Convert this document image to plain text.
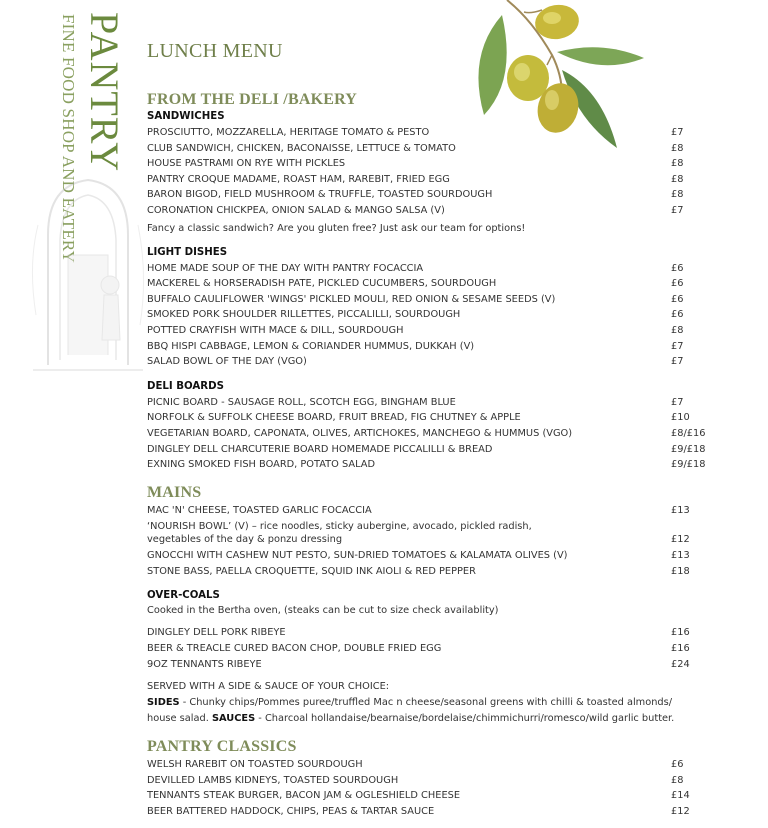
FINE FOOD SHOP AND EATERY PANTRY LUNCH MENU
FROM THE DELI /BAKERY
SANDWICHES
PROSCIUTTO, MOZZARELLA, HERITAGE TOMATO & PESTO	£7
CLUB SANDWICH, CHICKEN, BACONAISSE, LETTUCE & TOMATO	£8
HOUSE PASTRAMI ON RYE WITH PICKLES	£8
PANTRY CROQUE MADAME, ROAST HAM, RAREBIT, FRIED EGG	£8
BARON BIGOD, FIELD MUSHROOM & TRUFFLE, TOASTED SOURDOUGH	£8
CORONATION CHICKPEA, ONION SALAD & MANGO SALSA (V)	£7

Fancy a classic sandwich? Are you gluten free? Just ask our team for options!

LIGHT DISHES
HOME MADE SOUP OF THE DAY WITH PANTRY FOCACCIA	£6
MACKEREL & HORSERADISH PATE, PICKLED CUCUMBERS, SOURDOUGH	£6
BUFFALO CAULIFLOWER 'WINGS' PICKLED MOULI, RED ONION & SESAME SEEDS (V)	£6
SMOKED PORK SHOULDER RILLETTES, PICCALILLI, SOURDOUGH	£6
POTTED CRAYFISH WITH MACE & DILL, SOURDOUGH	£8
BBQ HISPI CABBAGE, LEMON & CORIANDER HUMMUS, DUKKAH (V)	£7
SALAD BOWL OF THE DAY (VGO)	£7
DELI BOARDS
PICNIC BOARD - SAUSAGE ROLL, SCOTCH EGG, BINGHAM BLUE	£7
NORFOLK & SUFFOLK CHEESE BOARD, FRUIT BREAD, FIG CHUTNEY & APPLE	£10
VEGETARIAN BOARD, CAPONATA, OLIVES, ARTICHOKES, MANCHEGO & HUMMUS (VGO)	£8/£16
DINGLEY DELL CHARCUTERIE BOARD HOMEMADE PICCALILLI & BREAD	£9/£18
EXNING SMOKED FISH BOARD, POTATO SALAD	£9/£18
MAINS
MAC 'N' CHEESE, TOASTED GARLIC FOCACCIA	£13
‘NOURISH BOWL’ (V) – rice noodles, sticky aubergine, avocado, pickled radish, vegetables of the day & ponzu dressing	£12
GNOCCHI WITH CASHEW NUT PESTO, SUN-DRIED TOMATOES & KALAMATA OLIVES (V)	£13
STONE BASS, PAELLA CROQUETTE, SQUID INK AIOLI & RED PEPPER	£18
OVER-COALS

Cooked in the Bertha oven, (steaks can be cut to size check availablity)

DINGLEY DELL PORK RIBEYE	£16
BEER & TREACLE CURED BACON CHOP, DOUBLE FRIED EGG	£16
9OZ TENNANTS RIBEYE	£24

SERVED WITH A SIDE & SAUCE OF YOUR CHOICE:

SIDES - Chunky chips/Pommes puree/truffled Mac n cheese/seasonal greens with chilli & toasted almonds/ house salad. SAUCES - Charcoal hollandaise/bearnaise/bordelaise/chimmichurri/romesco/wild garlic butter.

PANTRY CLASSICS
WELSH RAREBIT ON TOASTED SOURDOUGH	£6
DEVILLED LAMBS KIDNEYS, TOASTED SOURDOUGH	£8
TENNANTS STEAK BURGER, BACON JAM & OGLESHIELD CHEESE	£14
BEER BATTERED HADDOCK, CHIPS, PEAS & TARTAR SAUCE	£12
